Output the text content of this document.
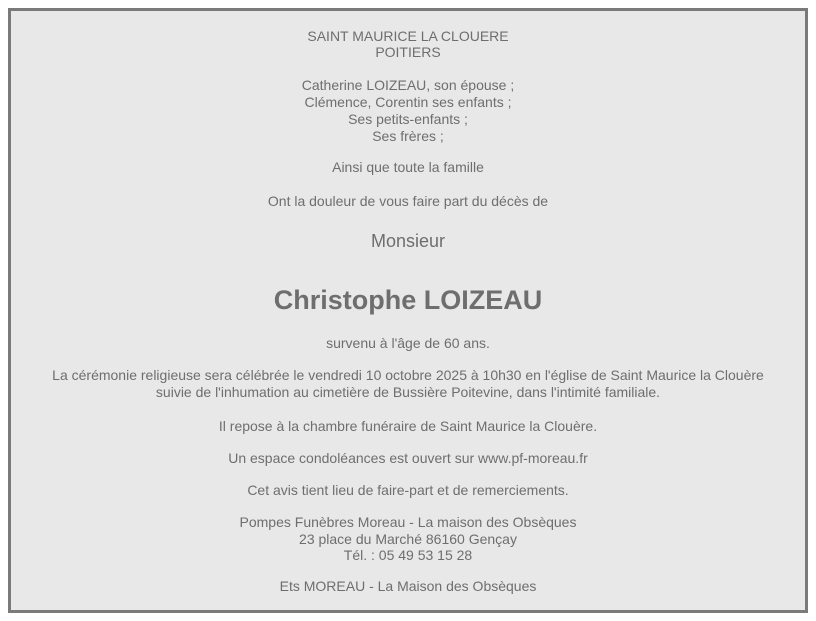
SAINT MAURICE LA CLOUERE
POITIERS
Catherine LOIZEAU, son épouse ;
Clémence, Corentin ses enfants ;
Ses petits-enfants ;
Ses frères ;
Ainsi que toute la famille
Ont la douleur de vous faire part du décès de
Monsieur
Christophe LOIZEAU
survenu à l'âge de 60 ans.
La cérémonie religieuse sera célébrée le vendredi 10 octobre 2025 à 10h30 en l'église de Saint Maurice la Clouère
suivie de l'inhumation au cimetière de Bussière Poitevine, dans l'intimité familiale.
Il repose à la chambre funéraire de Saint Maurice la Clouère.
Un espace condoléances est ouvert sur www.pf-moreau.fr
Cet avis tient lieu de faire-part et de remerciements.
Pompes Funèbres Moreau - La maison des Obsèques
23 place du Marché 86160 Gençay
Tél. : 05 49 53 15 28
Ets MOREAU - La Maison des Obsèques
